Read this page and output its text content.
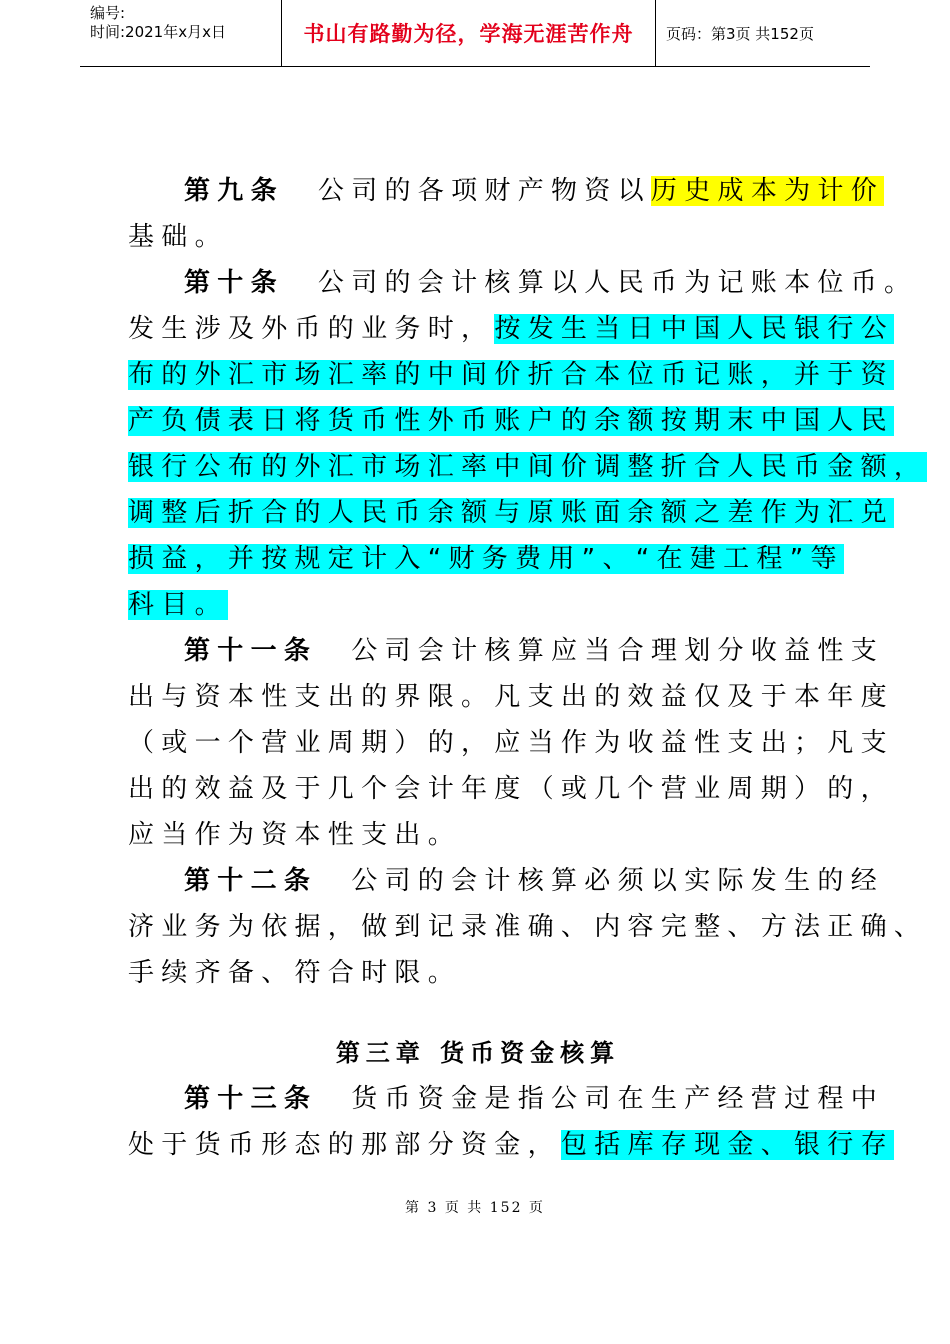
编号:
时间:2021年x月x日	书山有路勤为径，学海无涯苦作舟	页码：第3页 共152页

第九条 公司的各项财产物资以历史成本为计价

基础。

第十条 公司的会计核算以人民币为记账本位币。

发生涉及外币的业务时，按发生当日中国人民银行公

布的外汇市场汇率的中间价折合本位币记账，并于资

产负债表日将货币性外币账户的余额按期末中国人民

银行公布的外汇市场汇率中间价调整折合人民币金额，

调整后折合的人民币余额与原账面余额之差作为汇兑

损益，并按规定计入“财务费用”、“在建工程”等

科目。

第十一条 公司会计核算应当合理划分收益性支

出与资本性支出的界限。凡支出的效益仅及于本年度

（或一个营业周期）的，应当作为收益性支出；凡支

出的效益及于几个会计年度（或几个营业周期）的，

应当作为资本性支出。

第十二条 公司的会计核算必须以实际发生的经

济业务为依据，做到记录准确、内容完整、方法正确、

手续齐备、符合时限。

第三章 货币资金核算

第十三条 货币资金是指公司在生产经营过程中

处于货币形态的那部分资金，包括库存现金、银行存

第 3 页 共 152 页
